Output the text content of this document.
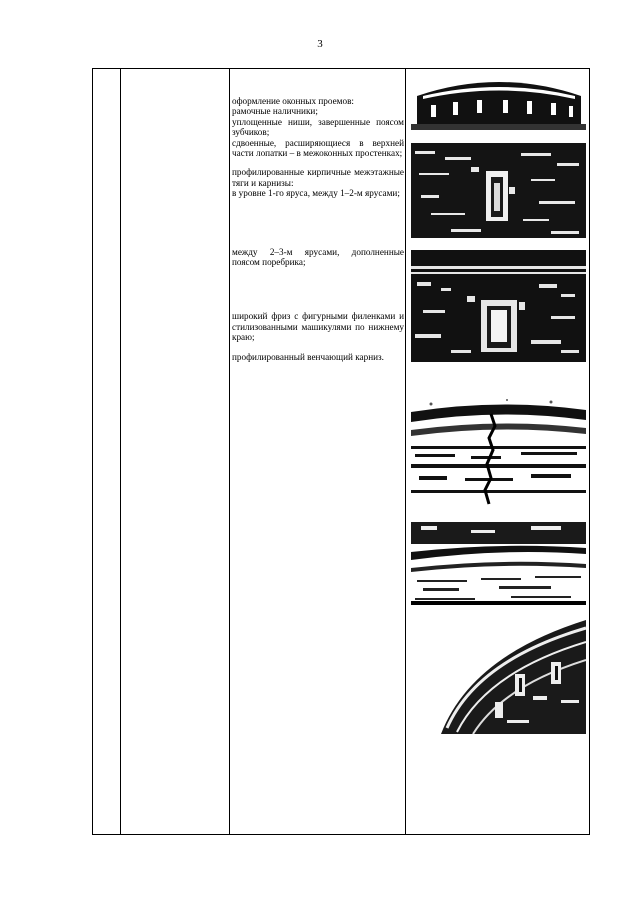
3

оформление оконных проемов:

рамочные наличники;

уплощенные ниши, завершенные поясом зубчиков;

сдвоенные, расширяющиеся в верхней части лопатки – в межоконных простенках;

профилированные кирпичные межэтажные тяги и карнизы:

в уровне 1-го яруса, между 1–2-м ярусами;

между 2–3-м ярусами, дополненные поясом поребрика;

широкий фриз с фигурными филенками и стилизованными машикулями по нижнему краю;

профилированный венчающий карниз.
